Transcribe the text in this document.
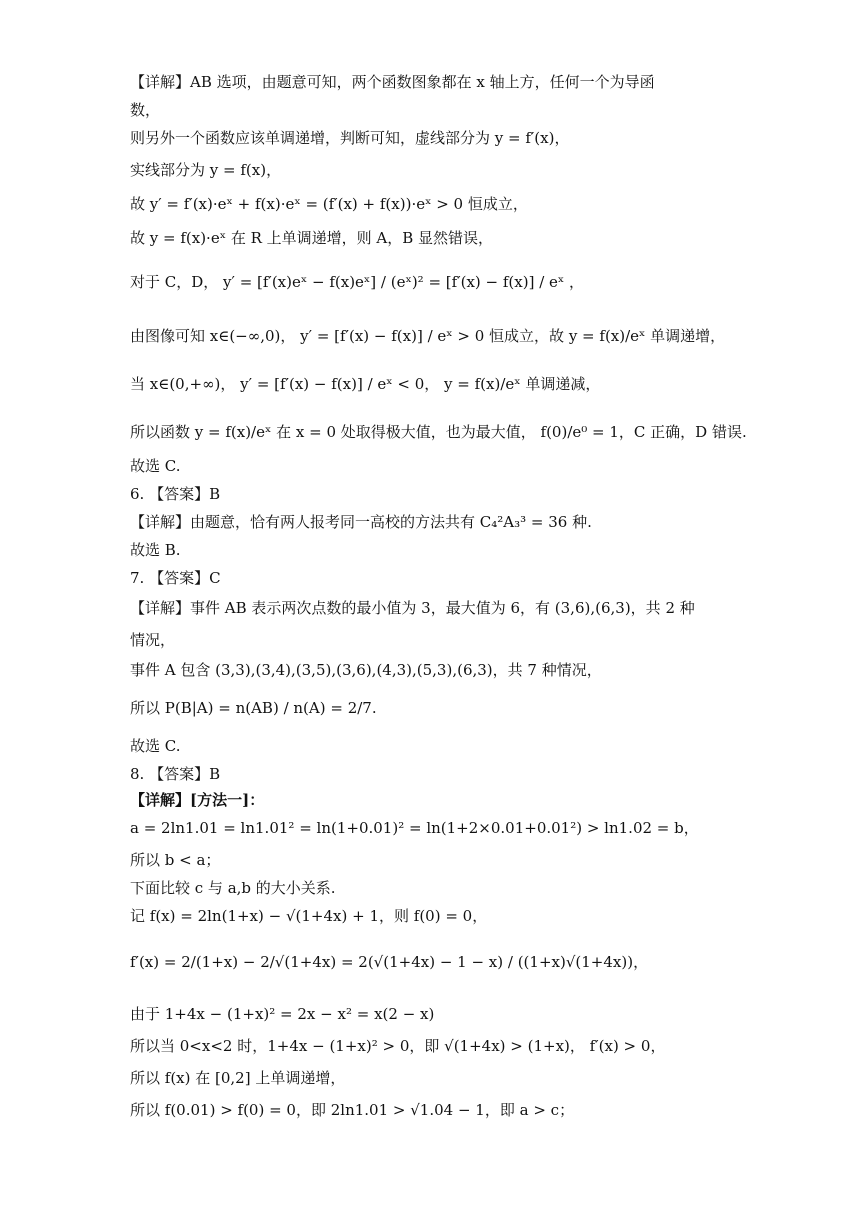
【详解】AB 选项，由题意可知，两个函数图象都在 x 轴上方，任何一个为导函
数，
则另外一个函数应该单调递增，判断可知，虚线部分为 y = f′(x)，
实线部分为 y = f(x)，
故 y′ = f′(x)·eˣ + f(x)·eˣ = (f′(x) + f(x))·eˣ > 0 恒成立，
故 y = f(x)·eˣ 在 R 上单调递增，则 A，B 显然错误，
对于 C，D， y′ = [f′(x)eˣ − f(x)eˣ] / (eˣ)² = [f′(x) − f(x)] / eˣ ，
由图像可知 x∈(−∞,0)， y′ = [f′(x) − f(x)] / eˣ > 0 恒成立，故 y = f(x)/eˣ 单调递增，
当 x∈(0,+∞)， y′ = [f′(x) − f(x)] / eˣ < 0， y = f(x)/eˣ 单调递减，
所以函数 y = f(x)/eˣ 在 x = 0 处取得极大值，也为最大值， f(0)/e⁰ = 1，C 正确，D 错误.
故选 C.
6. 【答案】B
【详解】由题意，恰有两人报考同一高校的方法共有 C₄²A₃³ = 36 种.
故选 B.
7. 【答案】C
【详解】事件 AB 表示两次点数的最小值为 3，最大值为 6，有 (3,6),(6,3)，共 2 种
情况，
事件 A 包含 (3,3),(3,4),(3,5),(3,6),(4,3),(5,3),(6,3)，共 7 种情况，
所以 P(B|A) = n(AB) / n(A) = 2/7.
故选 C.
8. 【答案】B
【详解】[方法一]：
a = 2ln1.01 = ln1.01² = ln(1+0.01)² = ln(1+2×0.01+0.01²) > ln1.02 = b，
所以 b < a；
下面比较 c 与 a,b 的大小关系.
记 f(x) = 2ln(1+x) − √(1+4x) + 1，则 f(0) = 0，
f′(x) = 2/(1+x) − 2/√(1+4x) = 2(√(1+4x) − 1 − x) / ((1+x)√(1+4x))，
由于 1+4x − (1+x)² = 2x − x² = x(2 − x)
所以当 0<x<2 时，1+4x − (1+x)² > 0，即 √(1+4x) > (1+x)， f′(x) > 0，
所以 f(x) 在 [0,2] 上单调递增，
所以 f(0.01) > f(0) = 0，即 2ln1.01 > √1.04 − 1，即 a > c；
